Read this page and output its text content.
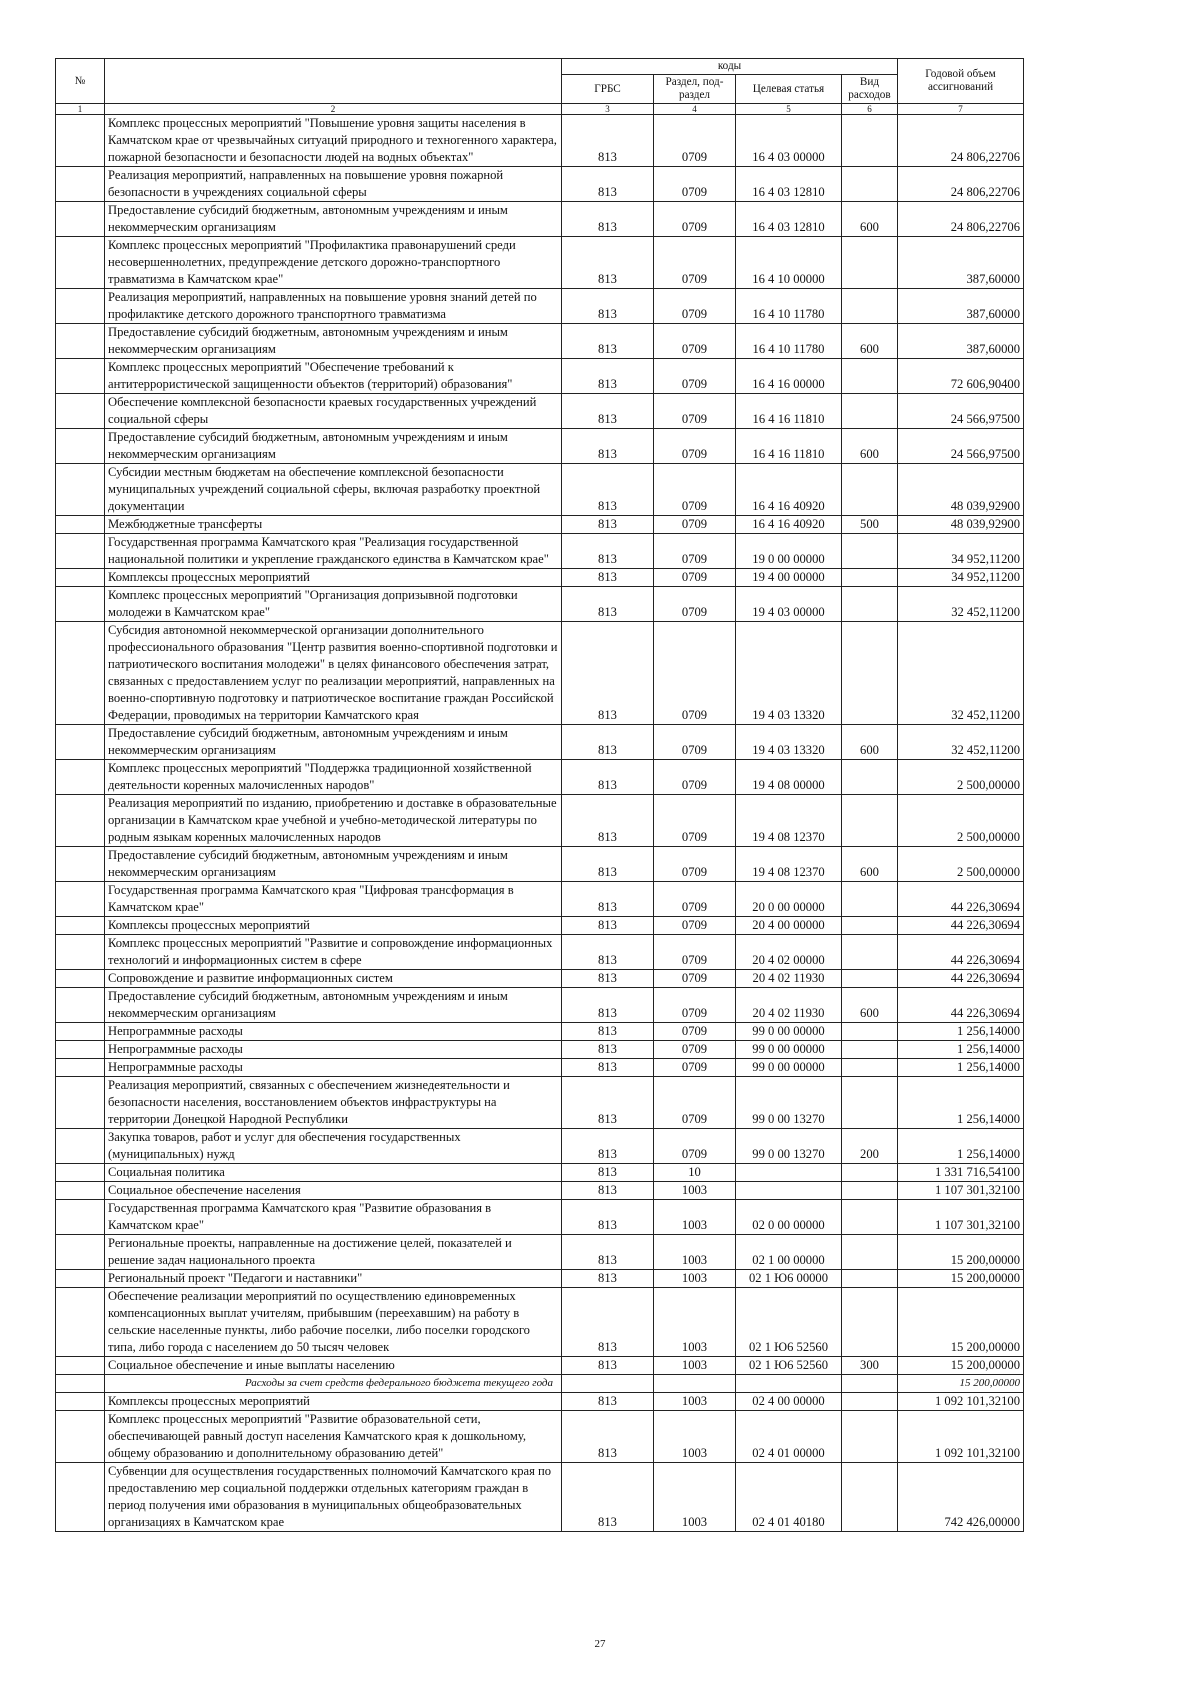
№		коды				Годовой объем ассигнований
		ГРБС	Раздел, под-раздел	Целевая статья	Вид расходов	
1	2	3	4	5	6	7
	Комплекс процессных мероприятий "Повышение уровня защиты населения в Камчатском крае от чрезвычайных ситуаций природного и техногенного характера, пожарной безопасности и безопасности людей на водных объектах"	813	0709	16 4 03 00000		24 806,22706
	Реализация мероприятий, направленных на повышение уровня пожарной безопасности в учреждениях социальной сферы	813	0709	16 4 03 12810		24 806,22706
	Предоставление субсидий бюджетным, автономным учреждениям и иным некоммерческим организациям	813	0709	16 4 03 12810	600	24 806,22706
	Комплекс процессных мероприятий "Профилактика правонарушений среди несовершеннолетних, предупреждение детского дорожно-транспортного травматизма в Камчатском крае"	813	0709	16 4 10 00000		387,60000
	Реализация мероприятий, направленных на повышение уровня знаний детей по профилактике детского дорожного транспортного травматизма	813	0709	16 4 10 11780		387,60000
	Предоставление субсидий бюджетным, автономным учреждениям и иным некоммерческим организациям	813	0709	16 4 10 11780	600	387,60000
	Комплекс процессных мероприятий "Обеспечение требований к антитеррористической защищенности объектов (территорий) образования"	813	0709	16 4 16 00000		72 606,90400
	Обеспечение комплексной безопасности краевых государственных учреждений социальной сферы	813	0709	16 4 16 11810		24 566,97500
	Предоставление субсидий бюджетным, автономным учреждениям и иным некоммерческим организациям	813	0709	16 4 16 11810	600	24 566,97500
	Субсидии местным бюджетам на обеспечение комплексной безопасности муниципальных учреждений социальной сферы, включая разработку проектной документации	813	0709	16 4 16 40920		48 039,92900
	Межбюджетные трансферты	813	0709	16 4 16 40920	500	48 039,92900
	Государственная программа Камчатского края "Реализация государственной национальной политики и укрепление гражданского единства в Камчатском крае"	813	0709	19 0 00 00000		34 952,11200
	Комплексы процессных мероприятий	813	0709	19 4 00 00000		34 952,11200
	Комплекс процессных мероприятий "Организация допризывной подготовки молодежи в Камчатском крае"	813	0709	19 4 03 00000		32 452,11200
	Субсидия автономной некоммерческой организации дополнительного профессионального образования "Центр развития военно-спортивной подготовки и патриотического воспитания молодежи" в целях финансового обеспечения затрат, связанных с предоставлением услуг по реализации мероприятий, направленных на военно-спортивную подготовку и патриотическое воспитание граждан Российской Федерации, проводимых на территории Камчатского края	813	0709	19 4 03 13320		32 452,11200
	Предоставление субсидий бюджетным, автономным учреждениям и иным некоммерческим организациям	813	0709	19 4 03 13320	600	32 452,11200
	Комплекс процессных мероприятий "Поддержка традиционной хозяйственной деятельности коренных малочисленных народов"	813	0709	19 4 08 00000		2 500,00000
	Реализация мероприятий по изданию, приобретению и доставке в образовательные организации в Камчатском крае учебной и учебно-методической литературы по родным языкам коренных малочисленных народов	813	0709	19 4 08 12370		2 500,00000
	Предоставление субсидий бюджетным, автономным учреждениям и иным некоммерческим организациям	813	0709	19 4 08 12370	600	2 500,00000
	Государственная программа Камчатского края "Цифровая трансформация в Камчатском крае"	813	0709	20 0 00 00000		44 226,30694
	Комплексы процессных мероприятий	813	0709	20 4 00 00000		44 226,30694
	Комплекс процессных мероприятий "Развитие и сопровождение информационных технологий и информационных систем в сфере	813	0709	20 4 02 00000		44 226,30694
	Сопровождение и развитие информационных систем	813	0709	20 4 02 11930		44 226,30694
	Предоставление субсидий бюджетным, автономным учреждениям и иным некоммерческим организациям	813	0709	20 4 02 11930	600	44 226,30694
	Непрограммные расходы	813	0709	99 0 00 00000		1 256,14000
	Непрограммные расходы	813	0709	99 0 00 00000		1 256,14000
	Непрограммные расходы	813	0709	99 0 00 00000		1 256,14000
	Реализация мероприятий, связанных с обеспечением жизнедеятельности и безопасности населения, восстановлением объектов инфраструктуры на территории Донецкой Народной Республики	813	0709	99 0 00 13270		1 256,14000
	Закупка товаров, работ и услуг для обеспечения государственных (муниципальных) нужд	813	0709	99 0 00 13270	200	1 256,14000
	Социальная политика	813	10			1 331 716,54100
	Социальное обеспечение населения	813	1003			1 107 301,32100
	Государственная программа Камчатского края "Развитие образования в Камчатском крае"	813	1003	02 0 00 00000		1 107 301,32100
	Региональные проекты, направленные на достижение целей, показателей и решение задач национального проекта	813	1003	02 1 00 00000		15 200,00000
	Региональный проект "Педагоги и наставники"	813	1003	02 1 Ю6 00000		15 200,00000
	Обеспечение реализации мероприятий по осуществлению единовременных компенсационных выплат учителям, прибывшим (переехавшим) на работу в сельские населенные пункты, либо рабочие поселки, либо поселки городского типа, либо города с населением до 50 тысяч человек	813	1003	02 1 Ю6 52560		15 200,00000
	Социальное обеспечение и иные выплаты населению	813	1003	02 1 Ю6 52560	300	15 200,00000
	Расходы за счет средств федерального бюджета текущего года					15 200,00000
	Комплексы процессных мероприятий	813	1003	02 4 00 00000		1 092 101,32100
	Комплекс процессных мероприятий "Развитие образовательной сети, обеспечивающей равный доступ населения Камчатского края к дошкольному, общему образованию и дополнительному образованию детей"	813	1003	02 4 01 00000		1 092 101,32100
	Субвенции для осуществления государственных полномочий Камчатского края по предоставлению мер социальной поддержки отдельных категориям граждан в период получения ими образования в муниципальных общеобразовательных организациях в Камчатском крае	813	1003	02 4 01 40180		742 426,00000
27
